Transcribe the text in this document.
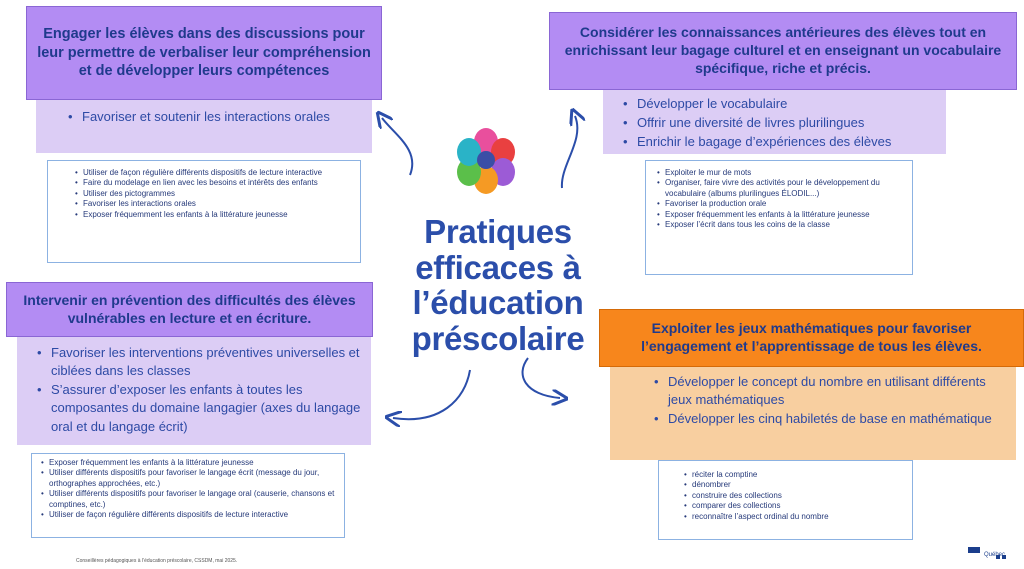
Pratiques
efficaces à
l’éducation
préscolaire
Engager les élèves dans des discussions pour leur permettre de verbaliser leur compréhension et de développer leurs compétences
• Favoriser et soutenir les interactions orales
• Utiliser de façon régulière différents dispositifs de lecture interactive
• Faire du modelage en lien avec les besoins et intérêts des enfants
• Utiliser des pictogrammes
• Favoriser les interactions orales
• Exposer fréquemment les enfants à la littérature jeunesse
Considérer les connaissances antérieures des élèves tout en enrichissant leur bagage culturel et en enseignant un vocabulaire spécifique, riche et précis.
• Développer le vocabulaire
• Offrir une diversité de livres plurilingues
• Enrichir le bagage d’expériences des élèves
• Exploiter le mur de mots
• Organiser, faire vivre des activités pour le développement du vocabulaire (albums plurilingues ÉLODIL...)
• Favoriser la production orale
• Exposer fréquemment les enfants à la littérature jeunesse
• Exposer l’écrit dans tous les coins de la classe
Intervenir en prévention des difficultés des élèves vulnérables en lecture et en écriture.
• Favoriser les interventions préventives universelles et ciblées dans les classes
• S’assurer d’exposer les enfants à toutes les composantes du domaine langagier (axes du langage oral et du langage écrit)
• Exposer fréquemment les enfants à la littérature jeunesse
• Utiliser différents dispositifs pour favoriser le langage écrit (message du jour, orthographes approchées, etc.)
• Utiliser différents dispositifs pour favoriser le langage oral (causerie, chansons et comptines, etc.)
• Utiliser de façon régulière différents dispositifs de lecture interactive
Exploiter les jeux mathématiques pour favoriser l’engagement et l’apprentissage de tous les élèves.
• Développer le concept du nombre en utilisant différents jeux mathématiques
• Développer les cinq habiletés de base en mathématique
• réciter la comptine
• dénombrer
• construire des collections
• comparer des collections
• reconnaître l’aspect ordinal du nombre
Conseillères pédagogiques à l’éducation préscolaire, CSSDM, mai 2025.
Québec
